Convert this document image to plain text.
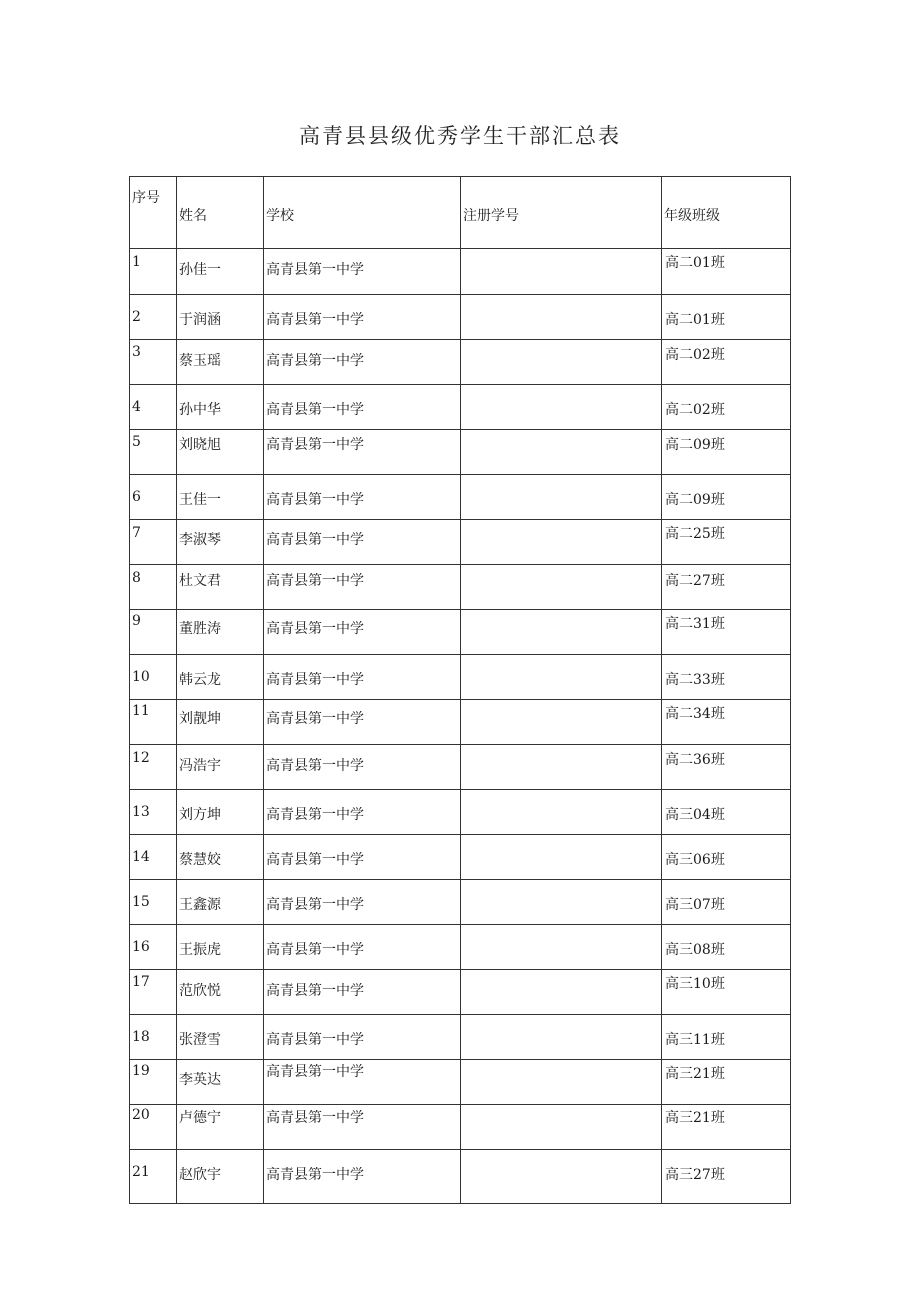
高青县县级优秀学生干部汇总表
序号	姓名	学校	注册学号	年级班级

1	孙佳一	高青县第一中学		高二01班

2	于润涵	高青县第一中学		高二01班

3	蔡玉瑶	高青县第一中学		高二02班

4	孙中华	高青县第一中学		高二02班

5	刘晓旭	高青县第一中学		高二09班

6	王佳一	高青县第一中学		高二09班

7	李淑琴	高青县第一中学		高二25班

8	杜文君	高青县第一中学		高二27班

9	董胜涛	高青县第一中学		高二31班

10	韩云龙	高青县第一中学		高二33班

11	刘靓坤	高青县第一中学		高二34班

12	冯浩宇	高青县第一中学		高二36班

13	刘方坤	高青县第一中学		高三04班

14	蔡慧姣	高青县第一中学		高三06班

15	王鑫源	高青县第一中学		高三07班

16	王振虎	高青县第一中学		高三08班

17	范欣悦	高青县第一中学		高三10班

18	张澄雪	高青县第一中学		高三11班

19	李英达	高青县第一中学		高三21班

20	卢德宁	高青县第一中学		高三21班

21	赵欣宇	高青县第一中学		高三27班
